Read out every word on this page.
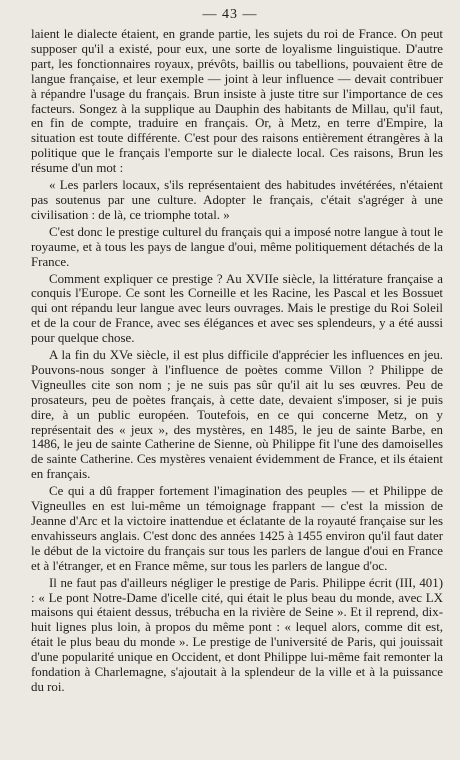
— 43 —

laient le dialecte étaient, en grande partie, les sujets du roi de France. On peut supposer qu'il a existé, pour eux, une sorte de loyalisme linguistique. D'autre part, les fonctionnaires royaux, prévôts, baillis ou tabellions, pouvaient être de langue française, et leur exemple — joint à leur influence — devait contribuer à répandre l'usage du français. Brun insiste à juste titre sur l'importance de ces facteurs. Songez à la supplique au Dauphin des habitants de Millau, qu'il faut, en fin de compte, traduire en français. Or, à Metz, en terre d'Empire, la situation est toute différente. C'est pour des raisons entièrement étrangères à la politique que le français l'emporte sur le dialecte local. Ces raisons, Brun les résume d'un mot :

« Les parlers locaux, s'ils représentaient des habitudes invétérées, n'étaient pas soutenus par une culture. Adopter le français, c'était s'agréger à une civilisation : de là, ce triomphe total. »

C'est donc le prestige culturel du français qui a imposé notre langue à tout le royaume, et à tous les pays de langue d'oui, même politiquement détachés de la France.

Comment expliquer ce prestige ? Au XVIIe siècle, la littérature française a conquis l'Europe. Ce sont les Corneille et les Racine, les Pascal et les Bossuet qui ont répandu leur langue avec leurs ouvrages. Mais le prestige du Roi Soleil et de la cour de France, avec ses élégances et avec ses splendeurs, y a été aussi pour quelque chose.

A la fin du XVe siècle, il est plus difficile d'apprécier les influences en jeu. Pouvons-nous songer à l'influence de poètes comme Villon ? Philippe de Vigneulles cite son nom ; je ne suis pas sûr qu'il ait lu ses œuvres. Peu de prosateurs, peu de poètes français, à cette date, devaient s'imposer, si je puis dire, à un public européen. Toutefois, en ce qui concerne Metz, on y représentait des « jeux », des mystères, en 1485, le jeu de sainte Barbe, en 1486, le jeu de sainte Catherine de Sienne, où Philippe fit l'une des damoiselles de sainte Catherine. Ces mystères venaient évidemment de France, et ils étaient en français.

Ce qui a dû frapper fortement l'imagination des peuples — et Philippe de Vigneulles en est lui-même un témoignage frappant — c'est la mission de Jeanne d'Arc et la victoire inattendue et éclatante de la royauté française sur les envahisseurs anglais. C'est donc des années 1425 à 1455 environ qu'il faut dater le début de la victoire du français sur tous les parlers de langue d'oui en France et à l'étranger, et en France même, sur tous les parlers de langue d'oc.

Il ne faut pas d'ailleurs négliger le prestige de Paris. Philippe écrit (III, 401) : « Le pont Notre-Dame d'icelle cité, qui était le plus beau du monde, avec LX maisons qui étaient dessus, trébucha en la rivière de Seine ». Et il reprend, dix-huit lignes plus loin, à propos du même pont : « lequel alors, comme dit est, était le plus beau du monde ». Le prestige de l'université de Paris, qui jouissait d'une popularité unique en Occident, et dont Philippe lui-même fait remonter la fondation à Charlemagne, s'ajoutait à la splendeur de la ville et à la puissance du roi.
